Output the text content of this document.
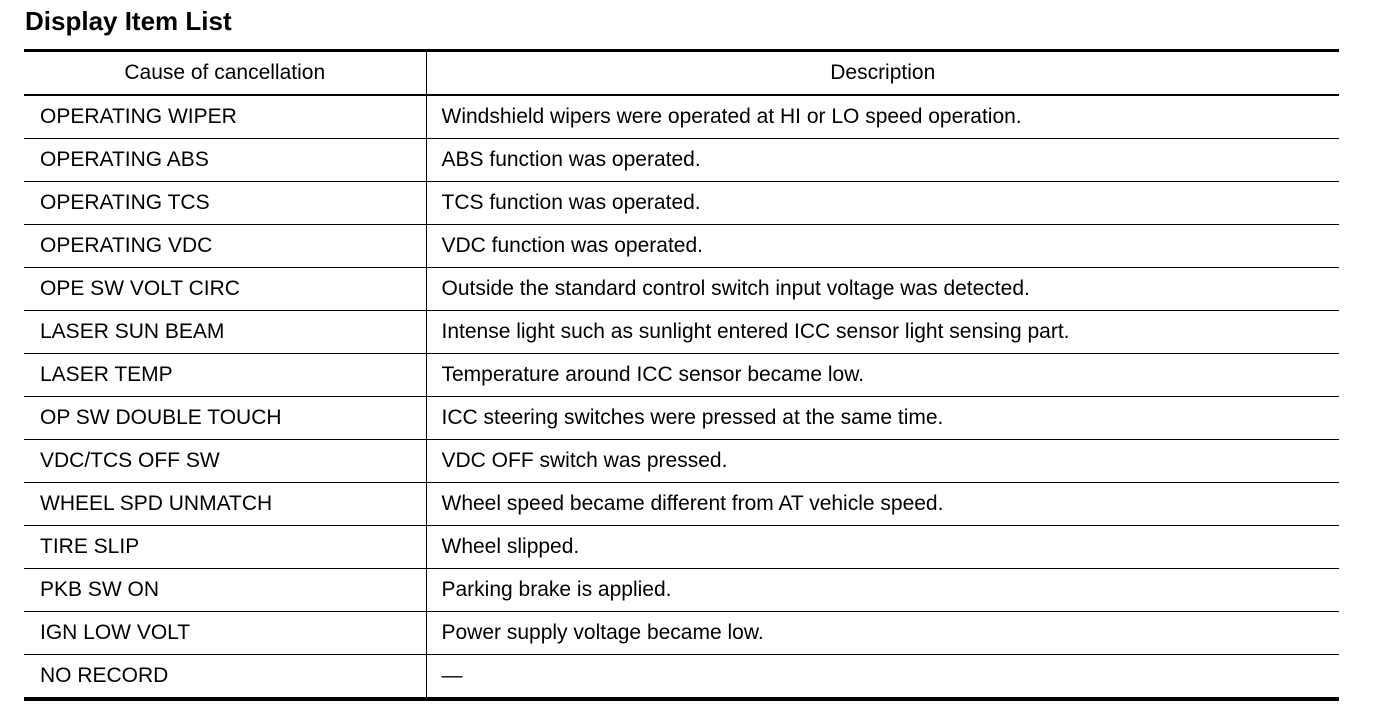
Display Item List
Cause of cancellation	Description
OPERATING WIPER	Windshield wipers were operated at HI or LO speed operation.
OPERATING ABS	ABS function was operated.
OPERATING TCS	TCS function was operated.
OPERATING VDC	VDC function was operated.
OPE SW VOLT CIRC	Outside the standard control switch input voltage was detected.
LASER SUN BEAM	Intense light such as sunlight entered ICC sensor light sensing part.
LASER TEMP	Temperature around ICC sensor became low.
OP SW DOUBLE TOUCH	ICC steering switches were pressed at the same time.
VDC/TCS OFF SW	VDC OFF switch was pressed.
WHEEL SPD UNMATCH	Wheel speed became different from AT vehicle speed.
TIRE SLIP	Wheel slipped.
PKB SW ON	Parking brake is applied.
IGN LOW VOLT	Power supply voltage became low.
NO RECORD	—
